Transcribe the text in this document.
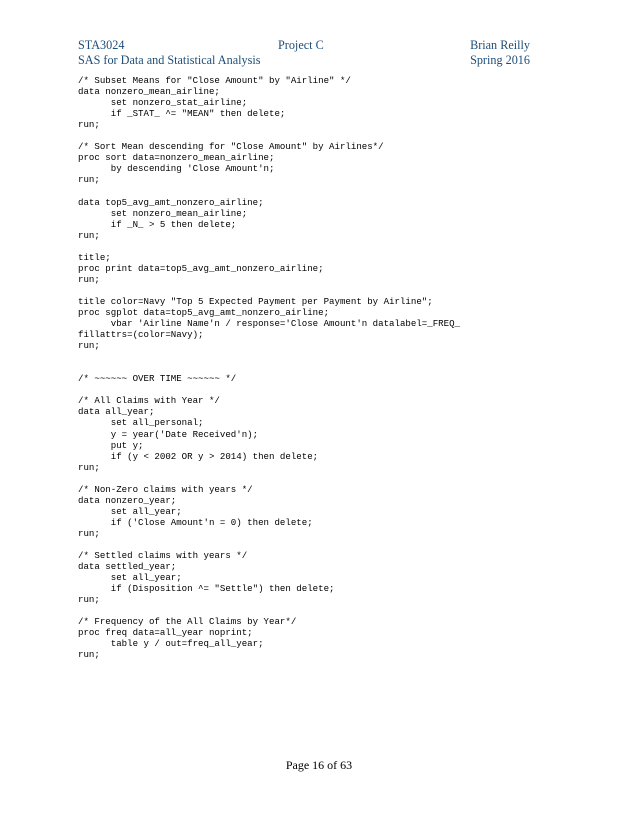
STA3024	Project C	Brian Reilly
SAS for Data and Statistical Analysis	Spring 2016
/* Subset Means for "Close Amount" by "Airline" */
data nonzero_mean_airline;
set nonzero_stat_airline;
if _STAT_ ^= "MEAN" then delete;
run;
/* Sort Mean descending for "Close Amount" by Airlines*/
proc sort data=nonzero_mean_airline;
by descending 'Close Amount'n;
run;
data top5_avg_amt_nonzero_airline;
set nonzero_mean_airline;
if _N_ > 5 then delete;
run;
title;
proc print data=top5_avg_amt_nonzero_airline;
run;
title color=Navy "Top 5 Expected Payment per Payment by Airline";
proc sgplot data=top5_avg_amt_nonzero_airline;
vbar 'Airline Name'n / response='Close Amount'n datalabel=_FREQ_
fillattrs=(color=Navy);
run;
/* ~~~~~~ OVER TIME ~~~~~~ */
/* All Claims with Year */
data all_year;
set all_personal;
y = year('Date Received'n);
put y;
if (y < 2002 OR y > 2014) then delete;
run;
/* Non-Zero claims with years */
data nonzero_year;
set all_year;
if ('Close Amount'n = 0) then delete;
run;
/* Settled claims with years */
data settled_year;
set all_year;
if (Disposition ^= "Settle") then delete;
run;
/* Frequency of the All Claims by Year*/
proc freq data=all_year noprint;
table y / out=freq_all_year;
run;
Page 16 of 63
